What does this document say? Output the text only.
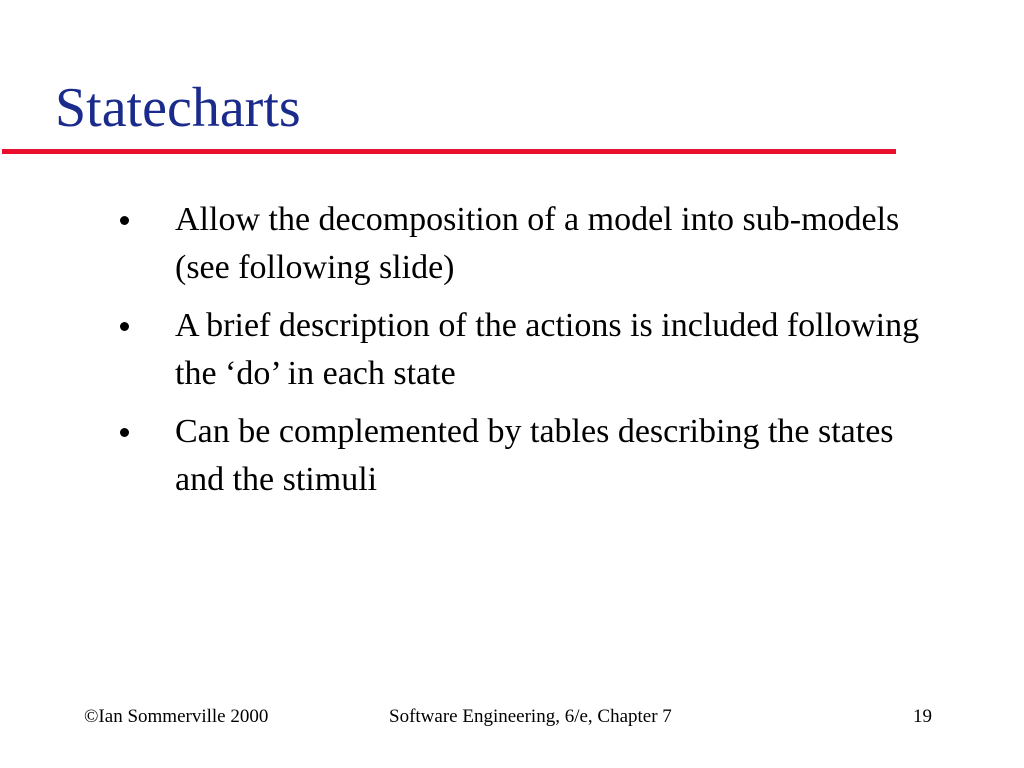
Statecharts
Allow the decomposition of a model into sub-models (see following slide)
A brief description of the actions is included following the ‘do’ in each state
Can be complemented by tables describing the states and the stimuli
©Ian Sommerville 2000	Software Engineering, 6/e, Chapter 7	19
